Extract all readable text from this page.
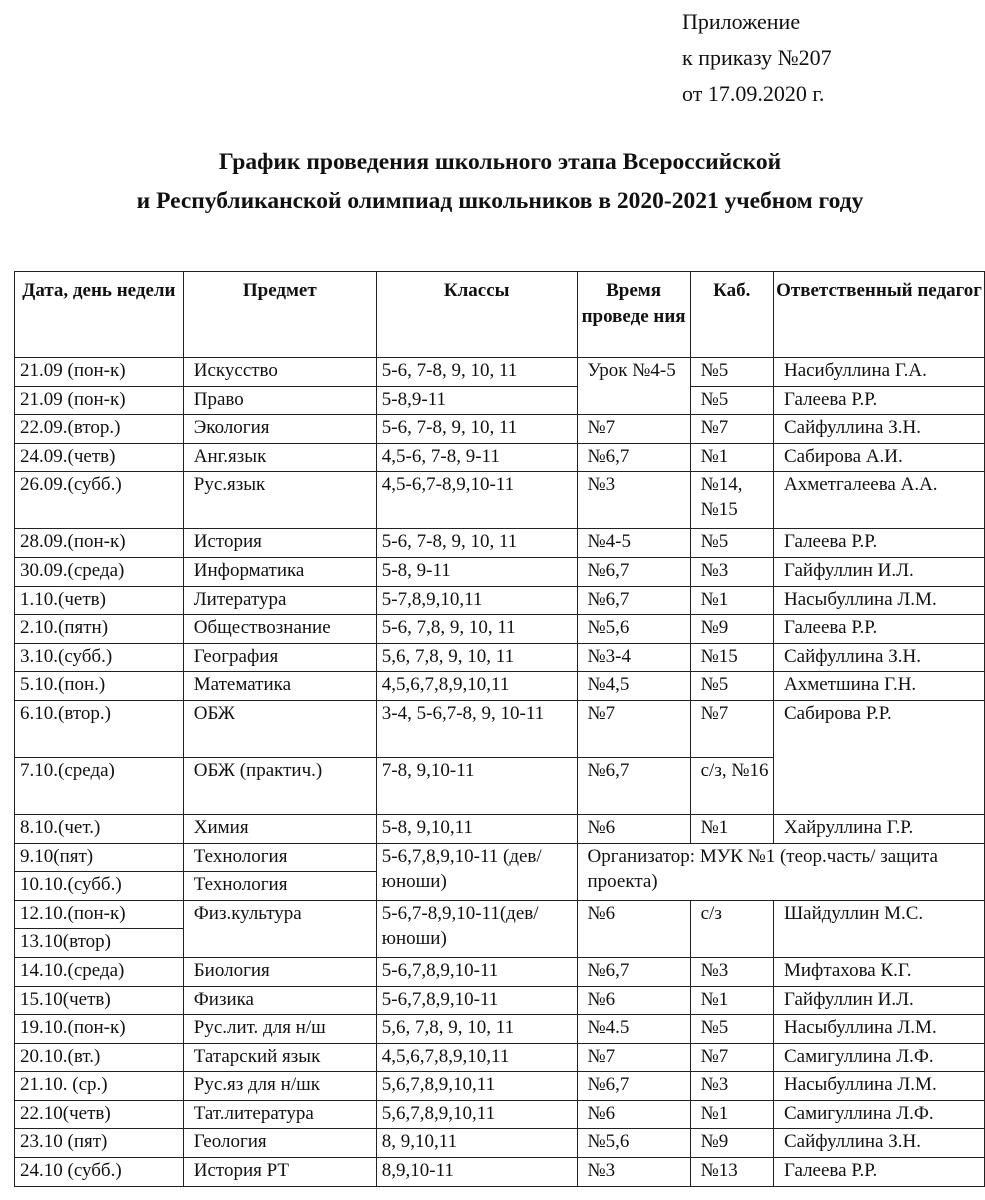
Приложение
к приказу №207
от 17.09.2020 г.
График проведения школьного этапа Всероссийской
и Республиканской олимпиад школьников в 2020-2021 учебном году
Дата, день недели	Предмет	Классы	Время проведе ния	Каб.	Ответственный педагог
21.09 (пон-к)	Искусство	5-6, 7-8, 9, 10, 11	Урок №4-5	№5	Насибуллина Г.А.
21.09 (пон-к)	Право	5-8,9-11		№5	Галеева Р.Р.
22.09.(втор.)	Экология	5-6, 7-8, 9, 10, 11	№7	№7	Сайфуллина З.Н.
24.09.(четв)	Анг.язык	4,5-6, 7-8, 9-11	№6,7	№1	Сабирова А.И.
26.09.(субб.)	Рус.язык	4,5-6,7-8,9,10-11	№3	№14, №15	Ахметгалеева А.А.
28.09.(пон-к)	История	5-6, 7-8, 9, 10, 11	№4-5	№5	Галеева Р.Р.
30.09.(среда)	Информатика	5-8, 9-11	№6,7	№3	Гайфуллин И.Л.
1.10.(четв)	Литература	5-7,8,9,10,11	№6,7	№1	Насыбуллина Л.М.
2.10.(пятн)	Обществознание	5-6, 7,8, 9, 10, 11	№5,6	№9	Галеева Р.Р.
3.10.(субб.)	География	5,6, 7,8, 9, 10, 11	№3-4	№15	Сайфуллина З.Н.
5.10.(пон.)	Математика	4,5,6,7,8,9,10,11	№4,5	№5	Ахметшина Г.Н.
6.10.(втор.)	ОБЖ	3-4, 5-6,7-8, 9, 10-11	№7	№7	Сабирова Р.Р.
7.10.(среда)	ОБЖ (практич.)	7-8, 9,10-11	№6,7	с/з, №16	
8.10.(чет.)	Химия	5-8, 9,10,11	№6	№1	Хайруллина Г.Р.
9.10(пят)	Технология	5-6,7,8,9,10-11 (дев/юноши)	Организатор: МУК №1 (теор.часть/ защита проекта)		
10.10.(субб.)	Технология				
12.10.(пон-к)	Физ.культура	5-6,7-8,9,10-11(дев/юноши)	№6	с/з	Шайдуллин М.С.
13.10(втор)					
14.10.(среда)	Биология	5-6,7,8,9,10-11	№6,7	№3	Мифтахова К.Г.
15.10(четв)	Физика	5-6,7,8,9,10-11	№6	№1	Гайфуллин И.Л.
19.10.(пон-к)	Рус.лит. для н/ш	5,6, 7,8, 9, 10, 11	№4.5	№5	Насыбуллина Л.М.
20.10.(вт.)	Татарский язык	4,5,6,7,8,9,10,11	№7	№7	Самигуллина Л.Ф.
21.10. (ср.)	Рус.яз для н/шк	5,6,7,8,9,10,11	№6,7	№3	Насыбуллина Л.М.
22.10(четв)	Тат.литература	5,6,7,8,9,10,11	№6	№1	Самигуллина Л.Ф.
23.10 (пят)	Геология	8, 9,10,11	№5,6	№9	Сайфуллина З.Н.
24.10 (субб.)	История РТ	8,9,10-11	№3	№13	Галеева Р.Р.
